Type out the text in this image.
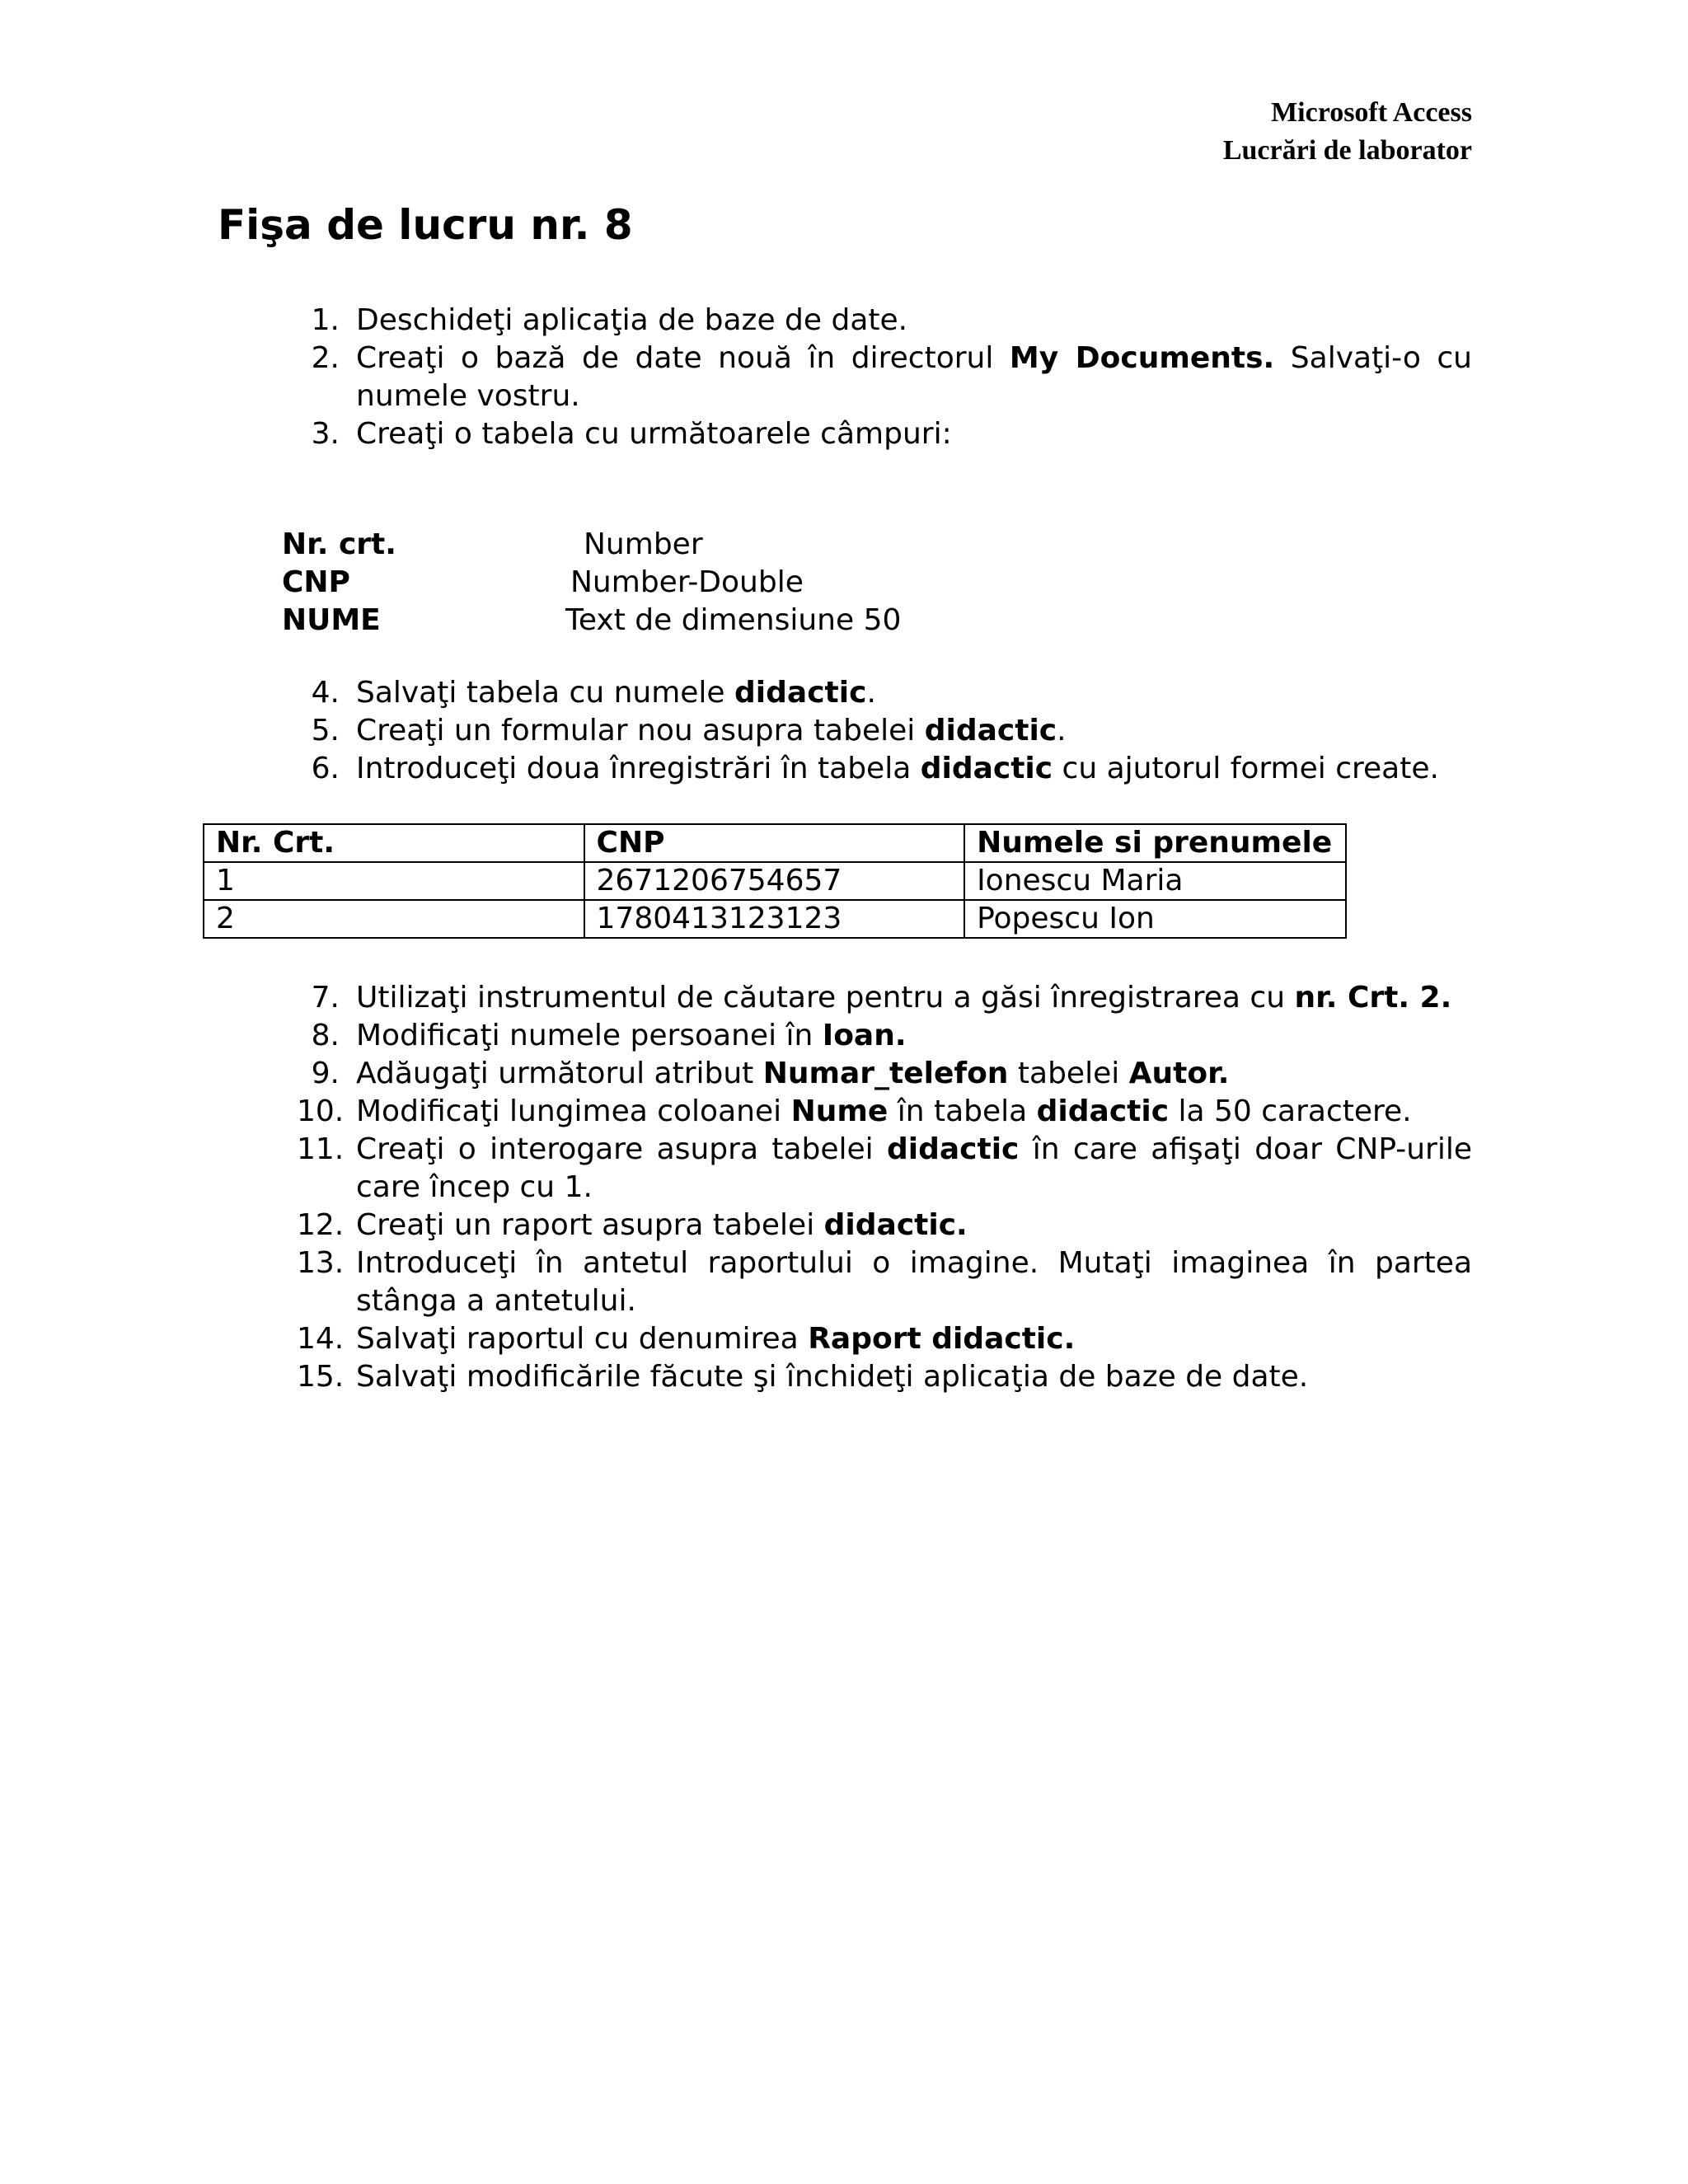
Microsoft Access
Lucrări de laborator
Fişa de lucru nr. 8
1. Deschideţi aplicaţia de baze de date.
2. Creaţi o bază de date nouă în directorul My Documents. Salvaţi-o cu numele vostru.
3. Creaţi o tabela cu următoarele câmpuri:
Nr. crt.	Number
CNP	Number-Double
NUME	Text de dimensiune 50
4. Salvaţi tabela cu numele didactic.
5. Creaţi un formular nou asupra tabelei didactic.
6. Introduceţi doua înregistrări în tabela didactic cu ajutorul formei create.
Nr. Crt.	CNP	Numele si prenumele
1	2671206754657	Ionescu Maria
2	1780413123123	Popescu Ion
7. Utilizaţi instrumentul de căutare pentru a găsi înregistrarea cu nr. Crt. 2.
8. Modificaţi numele persoanei în Ioan.
9. Adăugaţi următorul atribut Numar_telefon tabelei Autor.
10. Modificaţi lungimea coloanei Nume în tabela didactic la 50 caractere.
11. Creaţi o interogare asupra tabelei didactic în care afişaţi doar CNP-urile care încep cu 1.
12. Creaţi un raport asupra tabelei didactic.
13. Introduceţi în antetul raportului o imagine. Mutaţi imaginea în partea stânga a antetului.
14. Salvaţi raportul cu denumirea Raport didactic.
15. Salvaţi modificările făcute şi închideţi aplicaţia de baze de date.
